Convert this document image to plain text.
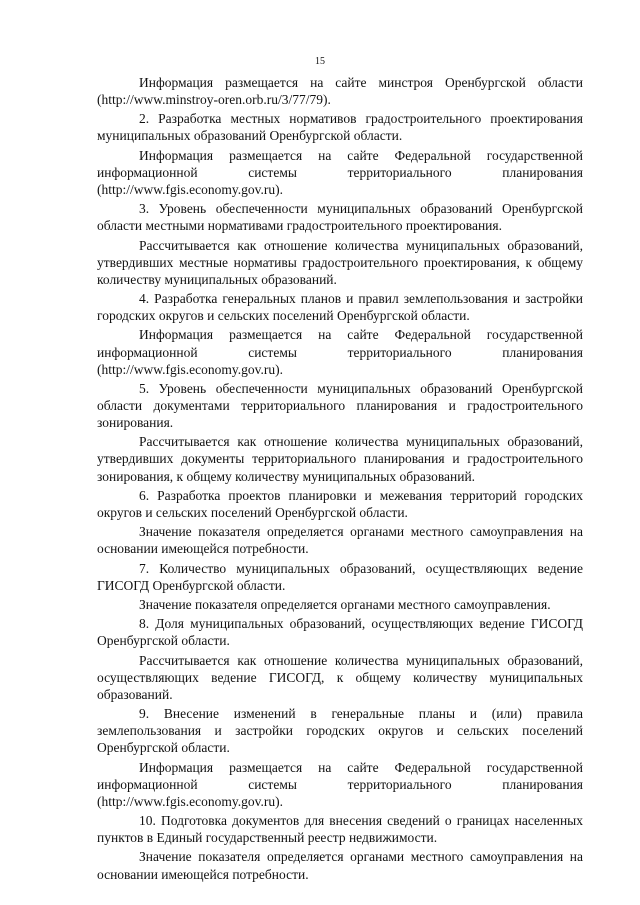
15

Информация размещается на сайте минстроя Оренбургской области (http://www.minstroy-oren.orb.ru/3/77/79).

2. Разработка местных нормативов градостроительного проектирования муниципальных образований Оренбургской области.

Информация размещается на сайте Федеральной государственной информационной системы территориального планирования (http://www.fgis.economy.gov.ru).

3. Уровень обеспеченности муниципальных образований Оренбургской области местными нормативами градостроительного проектирования.

Рассчитывается как отношение количества муниципальных образований, утвердивших местные нормативы градостроительного проектирования, к общему количеству муниципальных образований.

4. Разработка генеральных планов и правил землепользования и застройки городских округов и сельских поселений Оренбургской области.

Информация размещается на сайте Федеральной государственной информационной системы территориального планирования (http://www.fgis.economy.gov.ru).

5. Уровень обеспеченности муниципальных образований Оренбургской области документами территориального планирования и градостроительного зонирования.

Рассчитывается как отношение количества муниципальных образований, утвердивших документы территориального планирования и градостроительного зонирования, к общему количеству муниципальных образований.

6. Разработка проектов планировки и межевания территорий городских округов и сельских поселений Оренбургской области.

Значение показателя определяется органами местного самоуправления на основании имеющейся потребности.

7. Количество муниципальных образований, осуществляющих ведение ГИСОГД Оренбургской области.

Значение показателя определяется органами местного самоуправления.

8. Доля муниципальных образований, осуществляющих ведение ГИСОГД Оренбургской области.

Рассчитывается как отношение количества муниципальных образований, осуществляющих ведение ГИСОГД, к общему количеству муниципальных образований.

9. Внесение изменений в генеральные планы и (или) правила землепользования и застройки городских округов и сельских поселений Оренбургской области.

Информация размещается на сайте Федеральной государственной информационной системы территориального планирования (http://www.fgis.economy.gov.ru).

10. Подготовка документов для внесения сведений о границах населенных пунктов в Единый государственный реестр недвижимости.

Значение показателя определяется органами местного самоуправления на основании имеющейся потребности.
